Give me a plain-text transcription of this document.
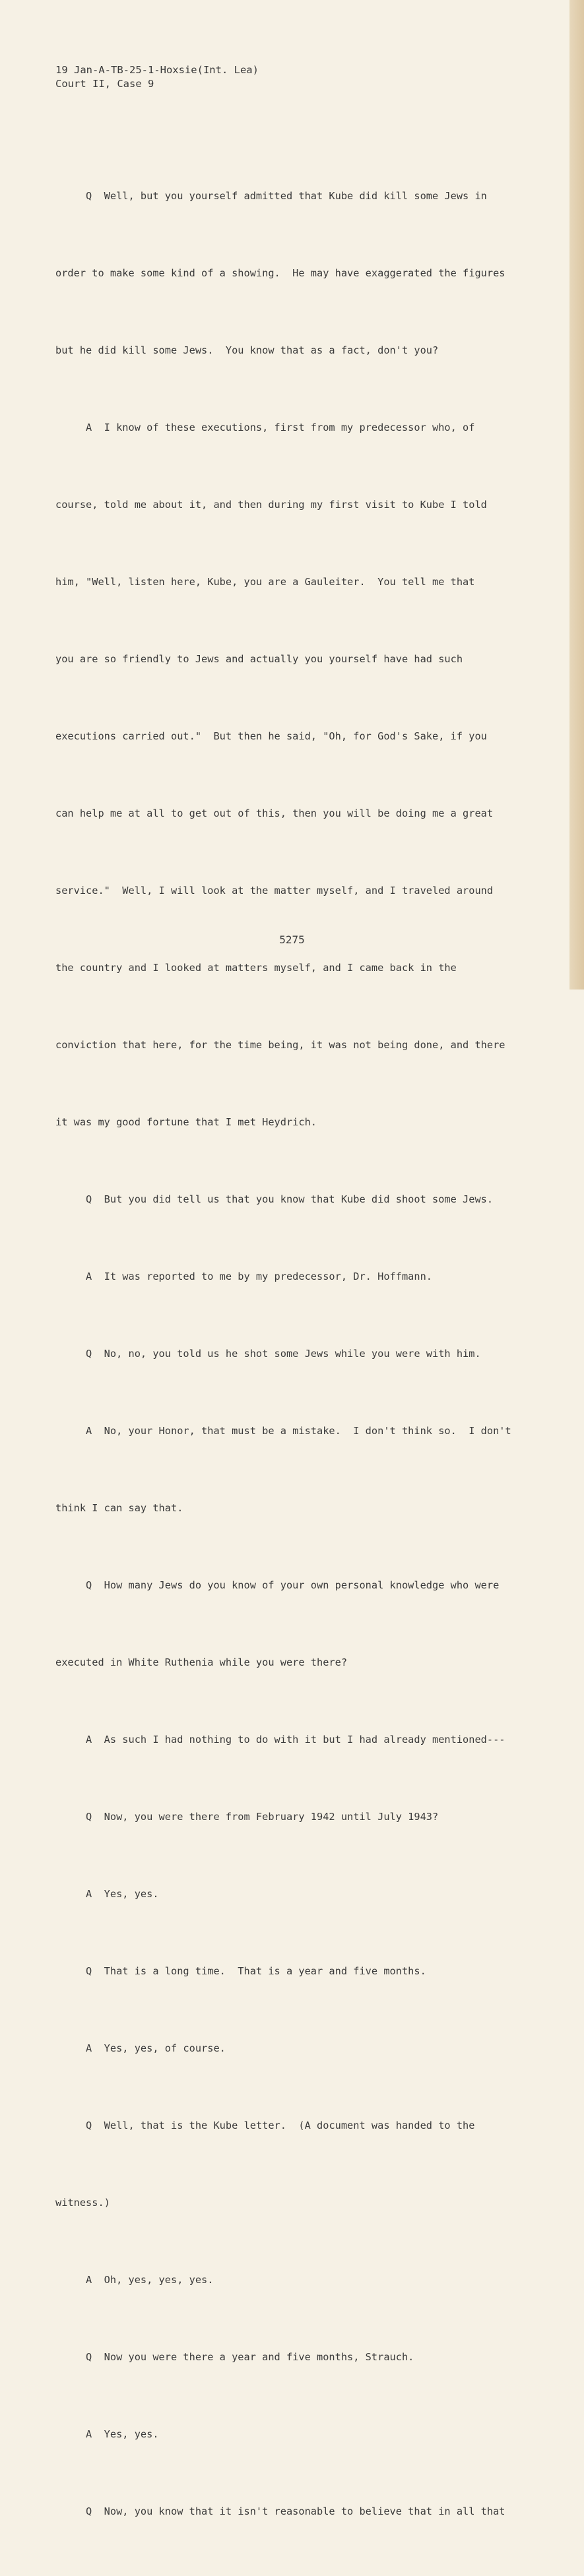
19 Jan-A-TB-25-1-Hoxsie(Int. Lea)
Court II, Case 9

Q  Well, but you yourself admitted that Kube did kill some Jews in

order to make some kind of a showing.  He may have exaggerated the figures

but he did kill some Jews.  You know that as a fact, don't you?

A  I know of these executions, first from my predecessor who, of

course, told me about it, and then during my first visit to Kube I told

him, "Well, listen here, Kube, you are a Gauleiter.  You tell me that

you are so friendly to Jews and actually you yourself have had such

executions carried out."  But then he said, "Oh, for God's Sake, if you

can help me at all to get out of this, then you will be doing me a great

service."  Well, I will look at the matter myself, and I traveled around

the country and I looked at matters myself, and I came back in the

conviction that here, for the time being, it was not being done, and there

it was my good fortune that I met Heydrich.

Q  But you did tell us that you know that Kube did shoot some Jews.

A  It was reported to me by my predecessor, Dr. Hoffmann.

Q  No, no, you told us he shot some Jews while you were with him.

A  No, your Honor, that must be a mistake.  I don't think so.  I don't

think I can say that.

Q  How many Jews do you know of your own personal knowledge who were

executed in White Ruthenia while you were there?

A  As such I had nothing to do with it but I had already mentioned---

Q  Now, you were there from February 1942 until July 1943?

A  Yes, yes.

Q  That is a long time.  That is a year and five months.

A  Yes, yes, of course.

Q  Well, that is the Kube letter.  (A document was handed to the

witness.)

A  Oh, yes, yes, yes.

Q  Now you were there a year and five months, Strauch.

A  Yes, yes.

Q  Now, you know that it isn't reasonable to believe that in all that

5275
